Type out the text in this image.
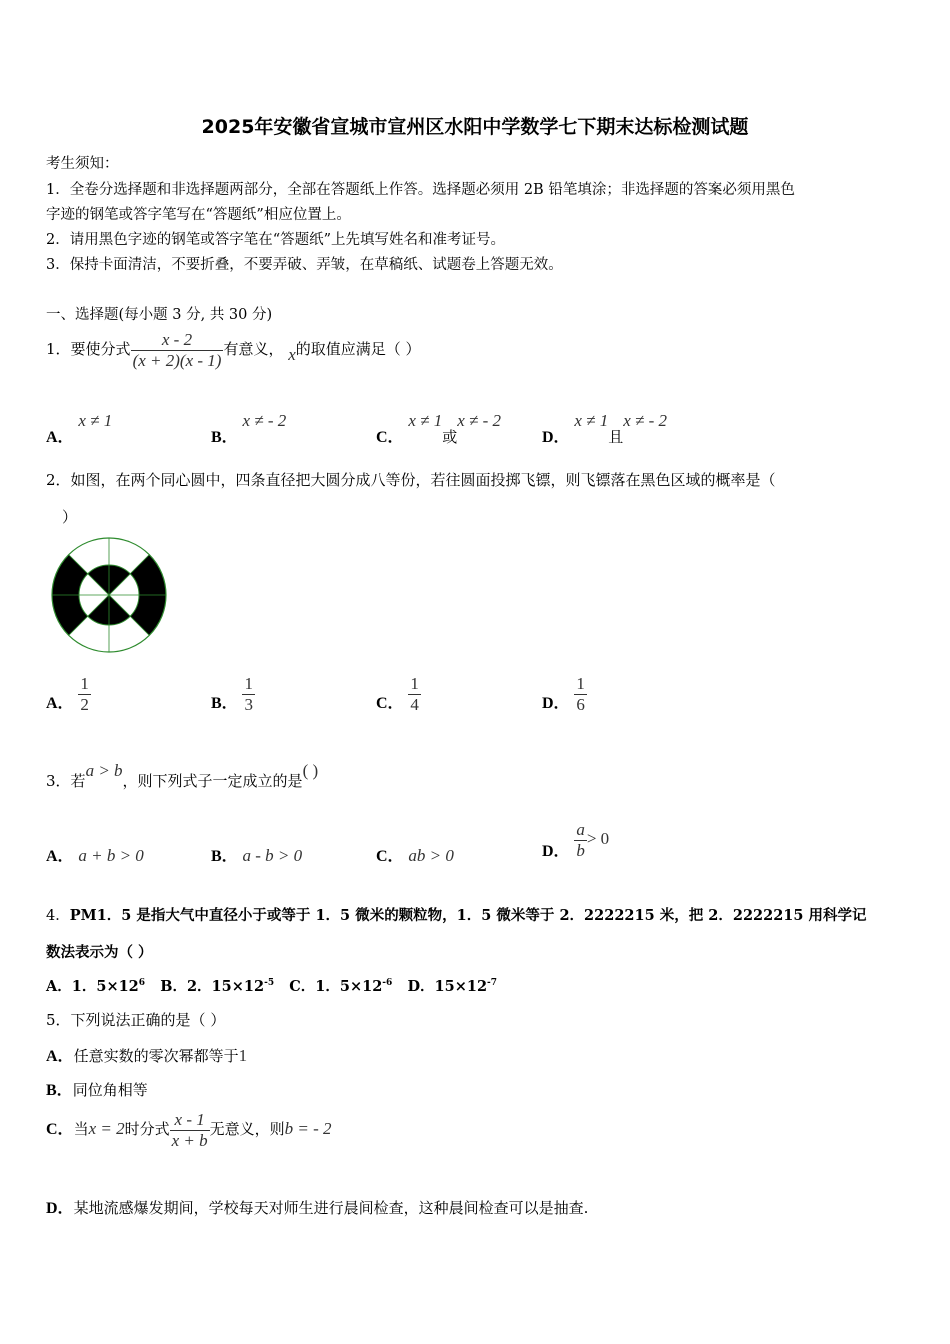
2025年安徽省宣城市宣州区水阳中学数学七下期末达标检测试题
考生须知：
1．全卷分选择题和非选择题两部分，全部在答题纸上作答。选择题必须用 2B 铅笔填涂；非选择题的答案必须用黑色
字迹的钢笔或答字笔写在“答题纸”相应位置上。
2．请用黑色字迹的钢笔或答字笔在“答题纸”上先填写姓名和准考证号。
3．保持卡面清洁，不要折叠，不要弄破、弄皱，在草稿纸、试题卷上答题无效。
一、选择题(每小题 3 分, 共 30 分)
1．要使分式 $\frac{x - 2}{(x + 2)(x - 1)}$ 有意义， x的取值应满足（ ）
A． x ≠ 1
B． x ≠ - 2
C． x ≠ 1或x ≠ - 2
D． x ≠ 1且x ≠ - 2
2．如图，在两个同心圆中，四条直径把大圆分成八等份，若往圆面投掷飞镖，则飞镖落在黑色区域的概率是（
）
A． $\frac{1}{2}$	B． $\frac{1}{3}$	C． $\frac{1}{4}$	D． $\frac{1}{6}$
3．若a > b，则下列式子一定成立的是( )
A． a + b > 0	B． a - b > 0	C． ab > 0	D． $\frac{a}{b} > 0$
4．PM1．5 是指大气中直径小于或等于 1．5 微米的颗粒物，1．5 微米等于 2．2222215 米，把 2．2222215 用科学记
数法表示为（ ）
A．1．$5\times 12^6$ B．2．$15\times 12^{-5}$ C．1．$5\times 12^{-6}$ D．$15\times 12^{-7}$
5．下列说法正确的是（ ）
A．任意实数的零次幂都等于1
B．同位角相等
C．当x = 2时分式 $\frac{x - 1}{x + b}$ 无意义，则b = - 2
D．某地流感爆发期间，学校每天对师生进行晨间检查，这种晨间检查可以是抽查.
